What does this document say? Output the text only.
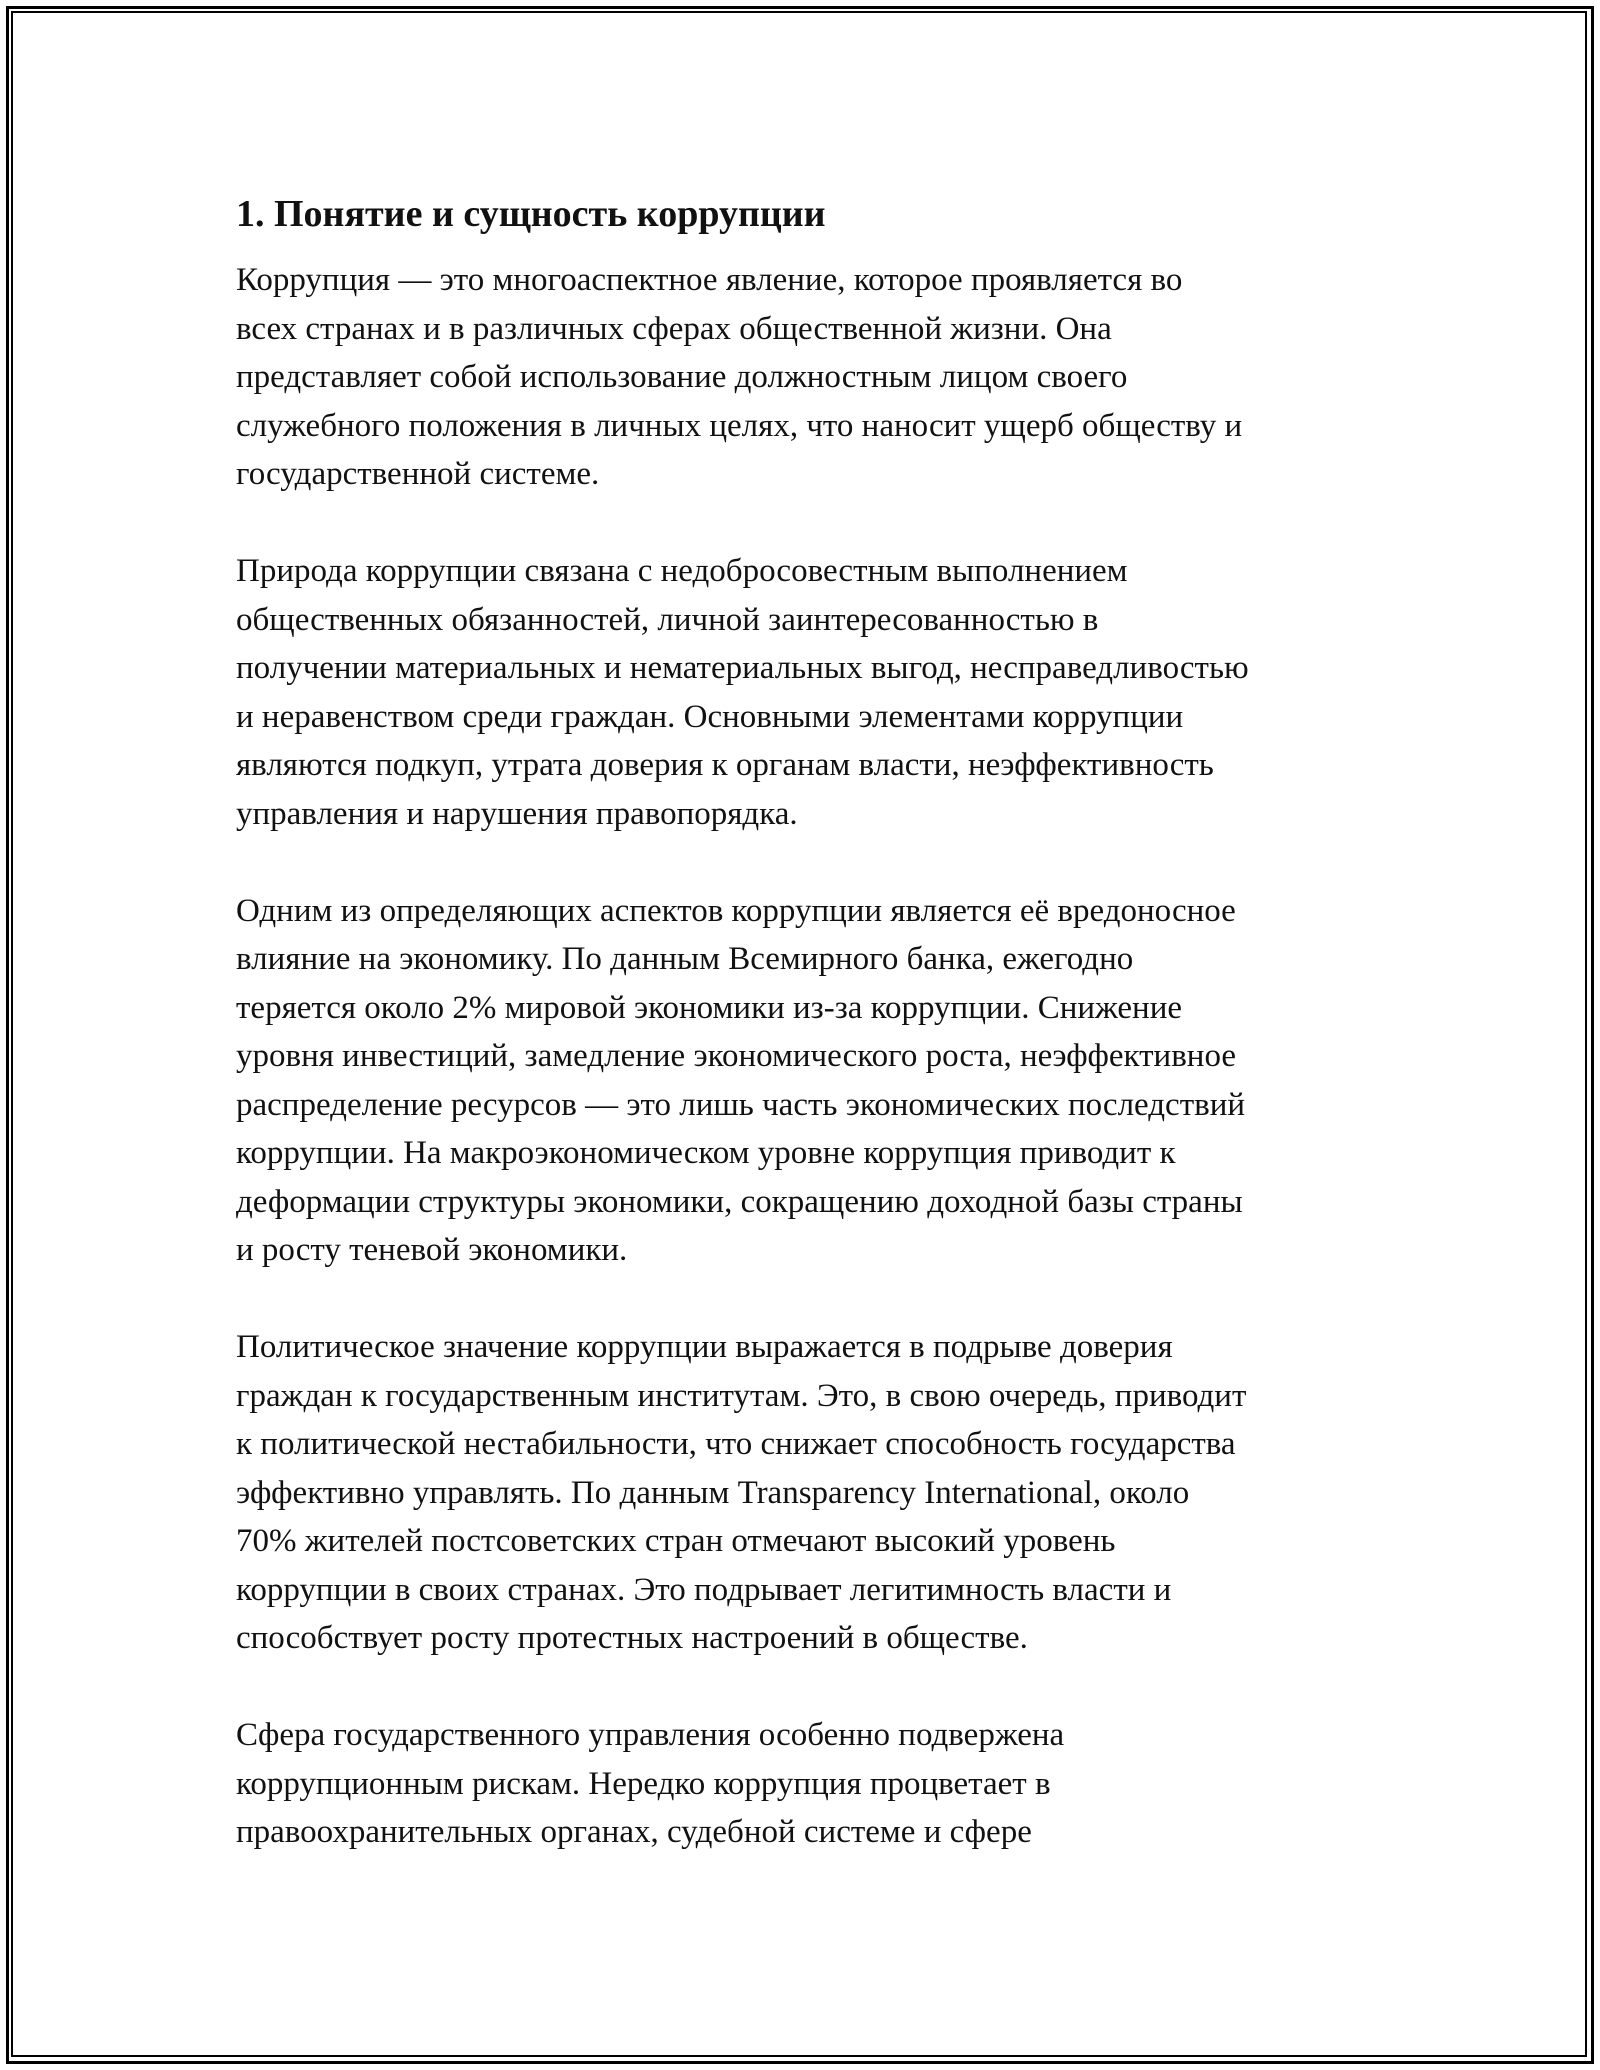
1. Понятие и сущность коррупции
Коррупция — это многоаспектное явление, которое проявляется во
всех странах и в различных сферах общественной жизни. Она
представляет собой использование должностным лицом своего
служебного положения в личных целях, что наносит ущерб обществу и
государственной системе.
Природа коррупции связана с недобросовестным выполнением
общественных обязанностей, личной заинтересованностью в
получении материальных и нематериальных выгод, несправедливостью
и неравенством среди граждан. Основными элементами коррупции
являются подкуп, утрата доверия к органам власти, неэффективность
управления и нарушения правопорядка.
Одним из определяющих аспектов коррупции является её вредоносное
влияние на экономику. По данным Всемирного банка, ежегодно
теряется около 2% мировой экономики из-за коррупции. Снижение
уровня инвестиций, замедление экономического роста, неэффективное
распределение ресурсов — это лишь часть экономических последствий
коррупции. На макроэкономическом уровне коррупция приводит к
деформации структуры экономики, сокращению доходной базы страны
и росту теневой экономики.
Политическое значение коррупции выражается в подрыве доверия
граждан к государственным институтам. Это, в свою очередь, приводит
к политической нестабильности, что снижает способность государства
эффективно управлять. По данным Transparency International, около
70% жителей постсоветских стран отмечают высокий уровень
коррупции в своих странах. Это подрывает легитимность власти и
способствует росту протестных настроений в обществе.
Сфера государственного управления особенно подвержена
коррупционным рискам. Нередко коррупция процветает в
правоохранительных органах, судебной системе и сфере
